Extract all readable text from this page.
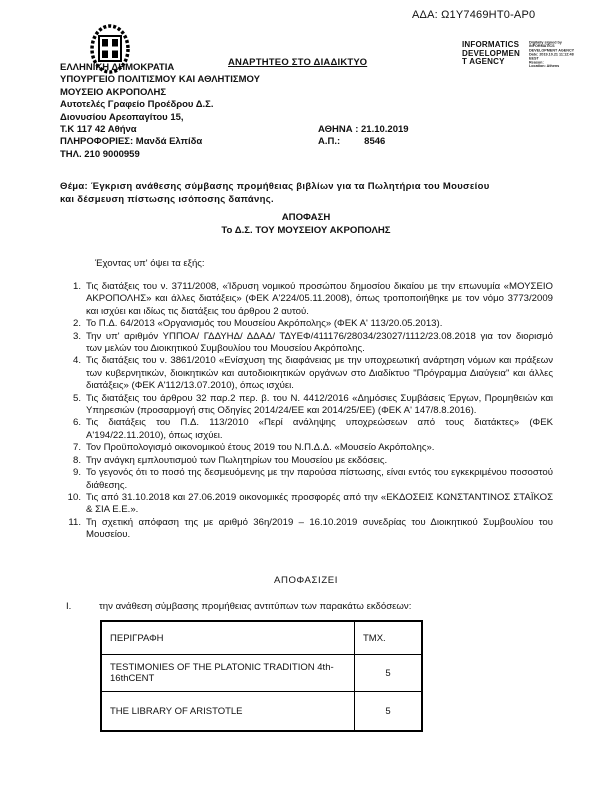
ΑΔΑ: Ω1Υ7469ΗΤ0-ΑΡ0
ΑΝΑΡΤΗΤΕΟ ΣΤΟ ΔΙΑΔΙΚΤΥΟ
INFORMATICS
DEVELOPMEN
T AGENCY
Digitally signed by
INFORMATICS
DEVELOPMENT AGENCY
Date: 2019.10.21 11:12:48
EEST
Reason:
Location: Athens
ΕΛΛΗΝΙΚΗ ΔΗΜΟΚΡΑΤΙΑ
ΥΠΟΥΡΓΕΙΟ ΠΟΛΙΤΙΣΜΟΥ ΚΑΙ ΑΘΛΗΤΙΣΜΟΥ
ΜΟΥΣΕΙΟ ΑΚΡΟΠΟΛΗΣ
Αυτοτελές Γραφείο Προέδρου Δ.Σ.
Διονυσίου Αρεοπαγίτου 15,
Τ.Κ 117 42 Αθήνα
ΠΛΗΡΟΦΟΡΙΕΣ: Μανδά Ελπίδα
ΤΗΛ. 210 9000959
ΑΘΗΝΑ : 21.10.2019
Α.Π.:	8546
Θέμα: Έγκριση ανάθεσης σύμβασης προμήθειας βιβλίων για τα Πωλητήρια του Μουσείου
και δέσμευση πίστωσης ισόποσης δαπάνης.
ΑΠΟΦΑΣΗ
Το Δ.Σ. ΤΟΥ ΜΟΥΣΕΙΟΥ ΑΚΡΟΠΟΛΗΣ
Έχοντας υπ' όψει τα εξής:
1. Τις διατάξεις του ν. 3711/2008, «Ίδρυση νομικού προσώπου δημοσίου δικαίου με την επωνυμία «ΜΟΥΣΕΙΟ ΑΚΡΟΠΟΛΗΣ» και άλλες διατάξεις» (ΦΕΚ Α'224/05.11.2008), όπως τροποποιήθηκε με τον νόμο 3773/2009 και ισχύει και ιδίως τις διατάξεις του άρθρου 2 αυτού.
2. Το Π.Δ. 64/2013 «Οργανισμός του Μουσείου Ακρόπολης» (ΦΕΚ Α' 113/20.05.2013).
3. Την υπ' αριθμόν ΥΠΠΟΑ/ ΓΔΔΥΗΔ/ ΔΔΑΔ/ ΤΔΥΕΦ/411176/28034/23027/1112/23.08.2018 για τον διορισμό των μελών του Διοικητικού Συμβουλίου του Μουσείου Ακρόπολης.
4. Τις διατάξεις του ν. 3861/2010 «Ενίσχυση της διαφάνειας με την υποχρεωτική ανάρτηση νόμων και πράξεων των κυβερνητικών, διοικητικών και αυτοδιοικητικών οργάνων στο Διαδίκτυο "Πρόγραμμα Διαύγεια" και άλλες διατάξεις» (ΦΕΚ Α'112/13.07.2010), όπως ισχύει.
5. Τις διατάξεις του άρθρου 32 παρ.2 περ. β. του Ν. 4412/2016 «Δημόσιες Συμβάσεις Έργων, Προμηθειών και Υπηρεσιών (προσαρμογή στις Οδηγίες 2014/24/ΕΕ και 2014/25/ΕΕ) (ΦΕΚ Α' 147/8.8.2016).
6. Τις διατάξεις του Π.Δ. 113/2010 «Περί ανάληψης υποχρεώσεων από τους διατάκτες» (ΦΕΚ Α'194/22.11.2010), όπως ισχύει.
7. Τον Προϋπολογισμό οικονομικού έτους 2019 του Ν.Π.Δ.Δ. «Μουσείο Ακρόπολης».
8. Την ανάγκη εμπλουτισμού των Πωλητηρίων του Μουσείου με εκδόσεις.
9. Το γεγονός ότι το ποσό της δεσμευόμενης με την παρούσα πίστωσης, είναι εντός του εγκεκριμένου ποσοστού διάθεσης.
10. Τις από 31.10.2018 και 27.06.2019 οικονομικές προσφορές από την «ΕΚΔΟΣΕΙΣ ΚΩΝΣΤΑΝΤΙΝΟΣ ΣΤΑΪΚΟΣ & ΣΙΑ Ε.Ε.».
11. Τη σχετική απόφαση της με αριθμό 36η/2019 – 16.10.2019 συνεδρίας του Διοικητικού Συμβουλίου του Μουσείου.
ΑΠΟΦΑΣΙΖΕΙ
I.	την ανάθεση σύμβασης προμήθειας αντιτύπων των παρακάτω εκδόσεων:
ΠΕΡΙΓΡΑΦΗ	ΤΜΧ.
TESTIMONIES OF THE PLATONIC TRADITION 4th-16thCENT	5
THE LIBRARY OF ARISTOTLE	5
